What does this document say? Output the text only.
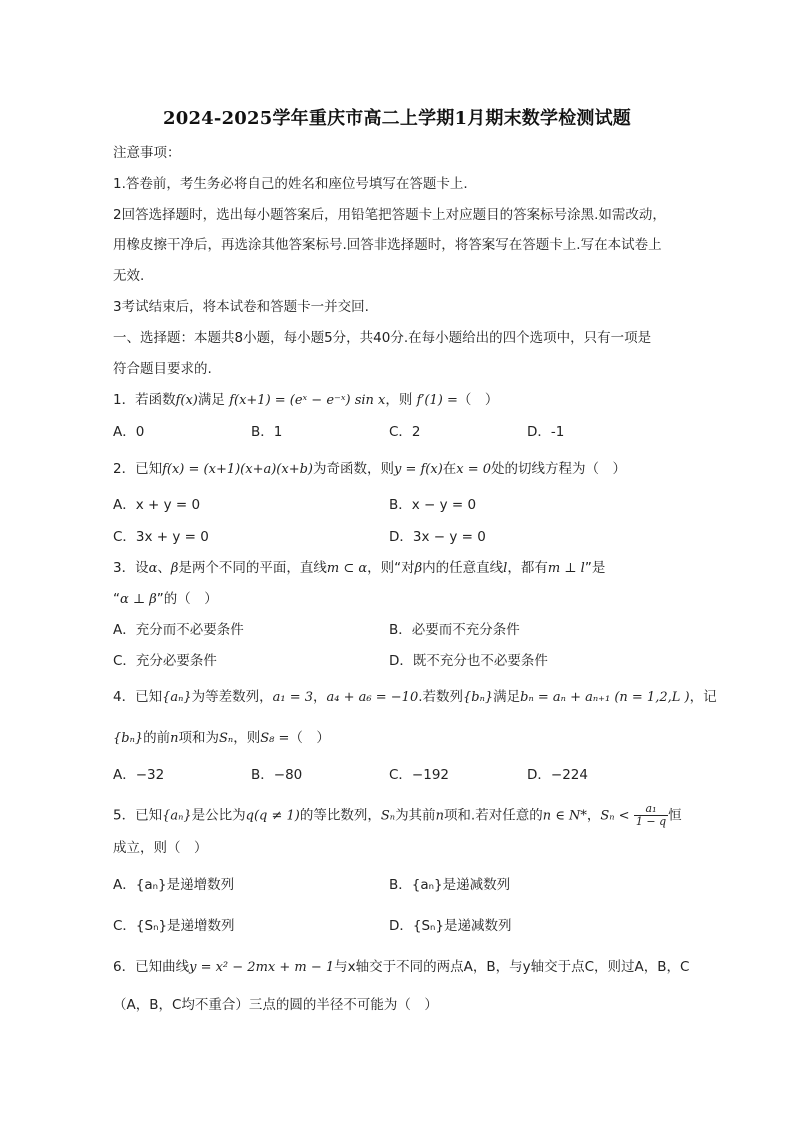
2024-2025学年重庆市高二上学期1月期末数学检测试题
注意事项：
1.答卷前，考生务必将自己的姓名和座位号填写在答题卡上.
2回答选择题时，选出每小题答案后，用铅笔把答题卡上对应题目的答案标号涂黑.如需改动，
用橡皮擦干净后，再选涂其他答案标号.回答非选择题时，将答案写在答题卡上.写在本试卷上
无效.
3考试结束后，将本试卷和答题卡一并交回.
一、选择题：本题共8小题，每小题5分，共40分.在每小题给出的四个选项中，只有一项是
符合题目要求的.
1．若函数f(x)满足 f(x+1) = (eˣ − e⁻ˣ) sin x，则 f′(1) =（　）
A．0	B．1	C．2	D．-1
2．已知f(x) = (x+1)(x+a)(x+b)为奇函数，则y = f(x)在x = 0处的切线方程为（　）
A．x + y = 0	B．x − y = 0
C．3x + y = 0	D．3x − y = 0
3．设α、β是两个不同的平面，直线m ⊂ α，则“对β内的任意直线l，都有m ⊥ l”是
“α ⊥ β”的（　）
A．充分而不必要条件	B．必要而不充分条件
C．充分必要条件	D．既不充分也不必要条件
4．已知{aₙ}为等差数列，a₁ = 3，a₄ + a₆ = −10.若数列{bₙ}满足bₙ = aₙ + aₙ₊₁ (n = 1,2,L )，记
{bₙ}的前n项和为Sₙ，则S₈ =（　）
A．−32	B．−80	C．−192	D．−224
5．已知{aₙ}是公比为q(q ≠ 1)的等比数列，Sₙ为其前n项和.若对任意的n ∈ N*，$S_n < \frac{\text{a₁}}{1 - q}$ 恒
成立，则（　）
A．{aₙ}是递增数列	B．{aₙ}是递减数列
C．{Sₙ}是递增数列	D．{Sₙ}是递减数列
6．已知曲线y = x² − 2mx + m − 1与x轴交于不同的两点A，B，与y轴交于点C，则过A，B，C
（A，B，C均不重合）三点的圆的半径不可能为（　）
